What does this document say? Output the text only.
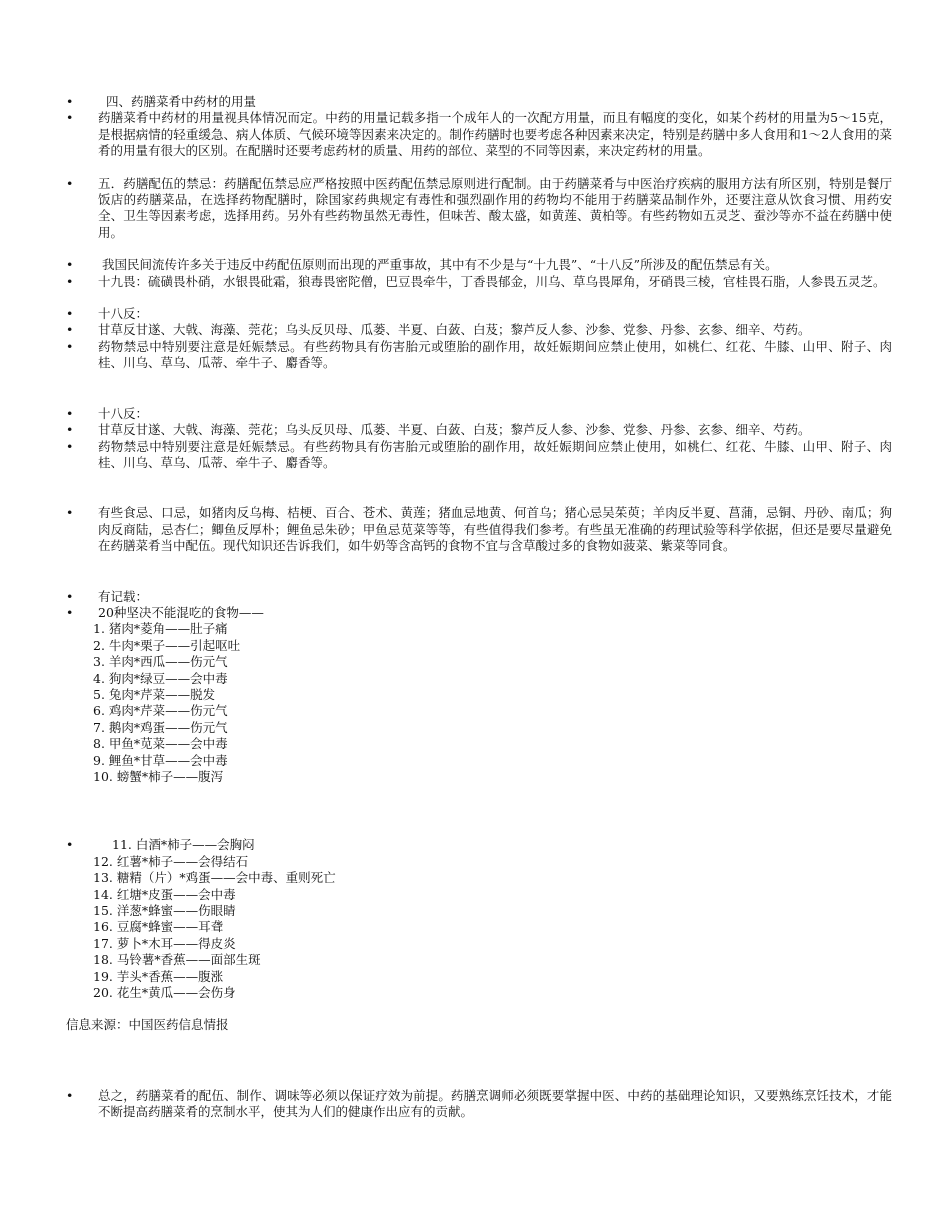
•	四、药膳菜肴中药材的用量
•	药膳菜肴中药材的用量视具体情况而定。中药的用量记载多指一个成年人的一次配方用量，而且有幅度的变化，如某个药材的用量为5～15克，是根据病情的轻重缓急、病人体质、气候环境等因素来决定的。制作药膳时也要考虑各种因素来决定，特别是药膳中多人食用和1～2人食用的菜肴的用量有很大的区别。在配膳时还要考虑药材的质量、用药的部位、菜型的不同等因素，来决定药材的用量。
•	五．药膳配伍的禁忌：药膳配伍禁忌应严格按照中医药配伍禁忌原则进行配制。由于药膳菜肴与中医治疗疾病的服用方法有所区别，特别是餐厅饭店的药膳菜品，在选择药物配膳时，除国家药典规定有毒性和强烈副作用的药物均不能用于药膳菜品制作外，还要注意从饮食习惯、用药安全、卫生等因素考虑，选择用药。另外有些药物虽然无毒性，但味苦、酸太盛，如黄莲、黄柏等。有些药物如五灵芝、蚕沙等亦不益在药膳中使用。
•	我国民间流传许多关于违反中药配伍原则而出现的严重事故，其中有不少是与“十九畏”、“十八反”所涉及的配伍禁忌有关。
•	十九畏：硫磺畏朴硝，水银畏砒霜，狼毒畏密陀僧，巴豆畏牵牛，丁香畏郁金，川乌、草乌畏犀角，牙硝畏三棱，官桂畏石脂，人参畏五灵芝。
•	十八反：
•	甘草反甘遂、大戟、海藻、莞花；乌头反贝母、瓜蒌、半夏、白蔹、白芨；黎芦反人参、沙参、党参、丹参、玄参、细辛、芍药。
•	药物禁忌中特别要注意是妊娠禁忌。有些药物具有伤害胎元或堕胎的副作用，故妊娠期间应禁止使用，如桃仁、红花、牛膝、山甲、附子、肉桂、川乌、草乌、瓜蒂、牵牛子、麝香等。
•	十八反：
•	甘草反甘遂、大戟、海藻、莞花；乌头反贝母、瓜蒌、半夏、白蔹、白芨；黎芦反人参、沙参、党参、丹参、玄参、细辛、芍药。
•	药物禁忌中特别要注意是妊娠禁忌。有些药物具有伤害胎元或堕胎的副作用，故妊娠期间应禁止使用，如桃仁、红花、牛膝、山甲、附子、肉桂、川乌、草乌、瓜蒂、牵牛子、麝香等。
•	有些食忌、口忌，如猪肉反乌梅、桔梗、百合、苍术、黄莲；猪血忌地黄、何首乌；猪心忌吴茱萸；羊肉反半夏、菖蒲，忌铜、丹砂、南瓜；狗肉反商陆，忌杏仁；鲫鱼反厚朴；鲤鱼忌朱砂；甲鱼忌苋菜等等，有些值得我们参考。有些虽无准确的药理试验等科学依据，但还是要尽量避免在药膳菜肴当中配伍。现代知识还告诉我们，如牛奶等含高钙的食物不宜与含草酸过多的食物如菠菜、紫菜等同食。
•	有记载：
•	20种坚决不能混吃的食物——
1. 猪肉*菱角——肚子痛
2. 牛肉*栗子——引起呕吐
3. 羊肉*西瓜——伤元气
4. 狗肉*绿豆——会中毒
5. 兔肉*芹菜——脱发
6. 鸡肉*芹菜——伤元气
7. 鹅肉*鸡蛋——伤元气
8. 甲鱼*苋菜——会中毒
9. 鲤鱼*甘草——会中毒
10. 螃蟹*柿子——腹泻
•	11. 白酒*柿子——会胸闷
12. 红薯*柿子——会得结石
13. 糖精（片）*鸡蛋——会中毒、重则死亡
14. 红塘*皮蛋——会中毒
15. 洋葱*蜂蜜——伤眼睛
16. 豆腐*蜂蜜——耳聋
17. 萝卜*木耳——得皮炎
18. 马铃薯*香蕉——面部生斑
19. 芋头*香蕉——腹涨
20. 花生*黄瓜——会伤身
信息来源：中国医药信息情报
•	总之，药膳菜肴的配伍、制作、调味等必须以保证疗效为前提。药膳烹调师必须既要掌握中医、中药的基础理论知识，又要熟练烹饪技术，才能不断提高药膳菜肴的烹制水平，使其为人们的健康作出应有的贡献。
